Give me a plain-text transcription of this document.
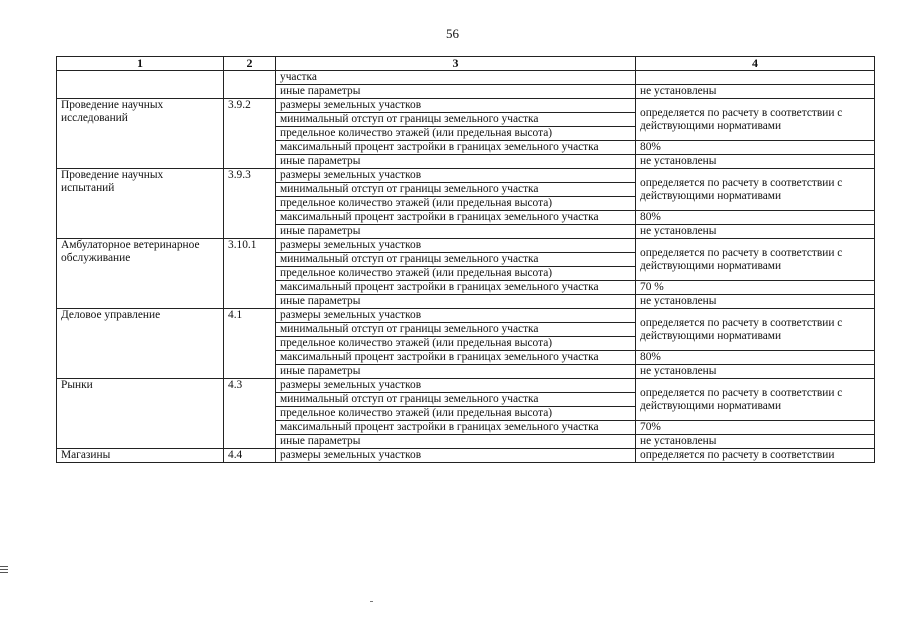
56
1	2	3	4
		участка	
		иные параметры	не установлены
Проведение научных исследований	3.9.2	размеры земельных участков	определяется по расчету в соответствии с действующими нормативами
		минимальный отступ от границы земельного участка	
		предельное количество этажей (или предельная высота)	
		максимальный процент застройки в границах земельного участка	80%
		иные параметры	не установлены
Проведение научных испытаний	3.9.3	размеры земельных участков	определяется по расчету в соответствии с действующими нормативами
		минимальный отступ от границы земельного участка	
		предельное количество этажей (или предельная высота)	
		максимальный процент застройки в границах земельного участка	80%
		иные параметры	не установлены
Амбулаторное ветеринарное обслуживание	3.10.1	размеры земельных участков	определяется по расчету в соответствии с действующими нормативами
		минимальный отступ от границы земельного участка	
		предельное количество этажей (или предельная высота)	
		максимальный процент застройки в границах земельного участка	70 %
		иные параметры	не установлены
Деловое управление	4.1	размеры земельных участков	определяется по расчету в соответствии с действующими нормативами
		минимальный отступ от границы земельного участка	
		предельное количество этажей (или предельная высота)	
		максимальный процент застройки в границах земельного участка	80%
		иные параметры	не установлены
Рынки	4.3	размеры земельных участков	определяется по расчету в соответствии с действующими нормативами
		минимальный отступ от границы земельного участка	
		предельное количество этажей (или предельная высота)	
		максимальный процент застройки в границах земельного участка	70%
		иные параметры	не установлены
Магазины	4.4	размеры земельных участков	определяется по расчету в соответствии
